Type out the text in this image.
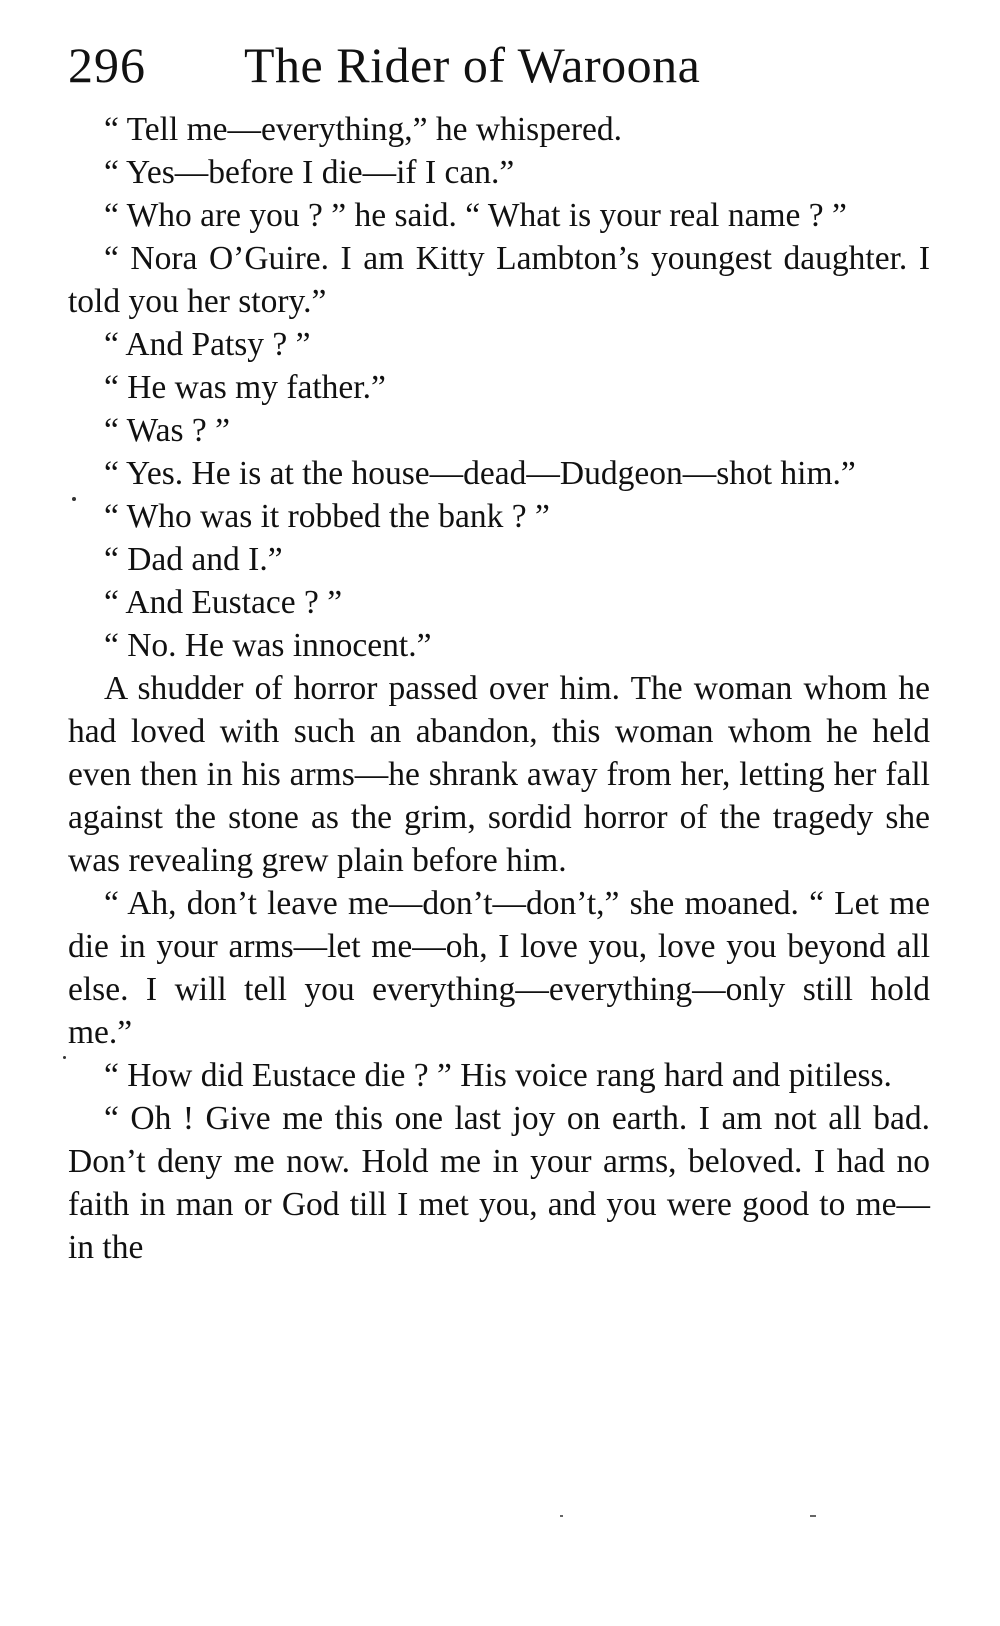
296	The Rider of Waroona

“ Tell me—everything,” he whispered.

“ Yes—before I die—if I can.”

“ Who are you ? ” he said. “ What is your real name ? ”

“ Nora O’Guire. I am Kitty Lambton’s youngest daughter. I told you her story.”

“ And Patsy ? ”

“ He was my father.”

“ Was ? ”

“ Yes. He is at the house—dead—Dudgeon—shot him.”

“ Who was it robbed the bank ? ”

“ Dad and I.”

“ And Eustace ? ”

“ No. He was innocent.”

A shudder of horror passed over him. The woman whom he had loved with such an abandon, this woman whom he held even then in his arms—he shrank away from her, letting her fall against the stone as the grim, sordid horror of the tragedy she was revealing grew plain before him.

“ Ah, don’t leave me—don’t—don’t,” she moaned. “ Let me die in your arms—let me—oh, I love you, love you beyond all else. I will tell you everything—everything—only still hold me.”

“ How did Eustace die ? ” His voice rang hard and pitiless.

“ Oh ! Give me this one last joy on earth. I am not all bad. Don’t deny me now. Hold me in your arms, beloved. I had no faith in man or God till I met you, and you were good to me—in the
